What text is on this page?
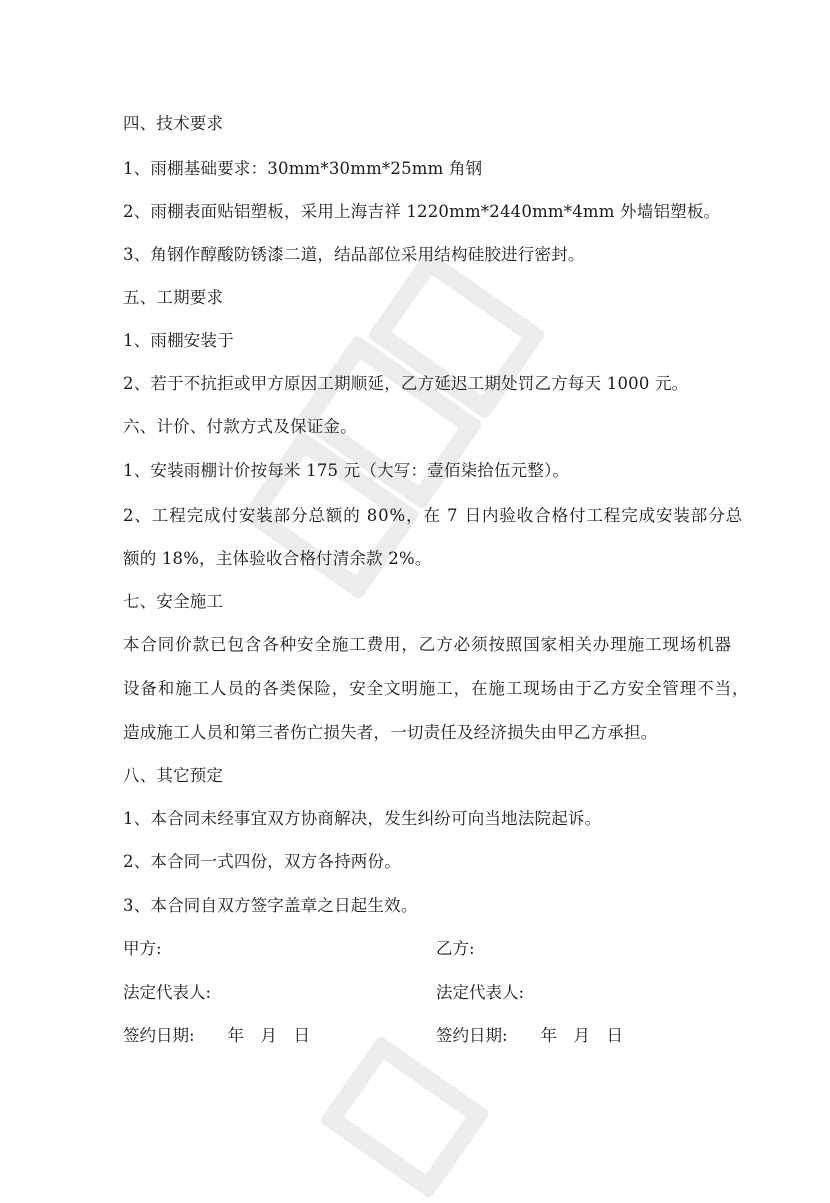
四、技术要求
1、雨棚基础要求：30mm*30mm*25mm 角钢
2、雨棚表面贴铝塑板，采用上海吉祥 1220mm*2440mm*4mm 外墙铝塑板。
3、角钢作醇酸防锈漆二道，结品部位采用结构硅胶进行密封。
五、工期要求
1、雨棚安装于
2、若于不抗拒或甲方原因工期顺延，乙方延迟工期处罚乙方每天 1000 元。
六、计价、付款方式及保证金。
1、安装雨棚计价按每米 175 元（大写：壹佰柒拾伍元整）。
2、工程完成付安装部分总额的 80%，在 7 日内验收合格付工程完成安装部分总
额的 18%，主体验收合格付清余款 2%。
七、安全施工
本合同价款已包含各种安全施工费用，乙方必须按照国家相关办理施工现场机器
设备和施工人员的各类保险，安全文明施工，在施工现场由于乙方安全管理不当，
造成施工人员和第三者伤亡损失者，一切责任及经济损失由甲乙方承担。
八、其它预定
1、本合同未经事宜双方协商解决，发生纠纷可向当地法院起诉。
2、本合同一式四份，双方各持两份。
3、本合同自双方签字盖章之日起生效。
甲方:	乙方:
法定代表人:	法定代表人:
签约日期:　　年　月　日	签约日期:　　年　月　日
